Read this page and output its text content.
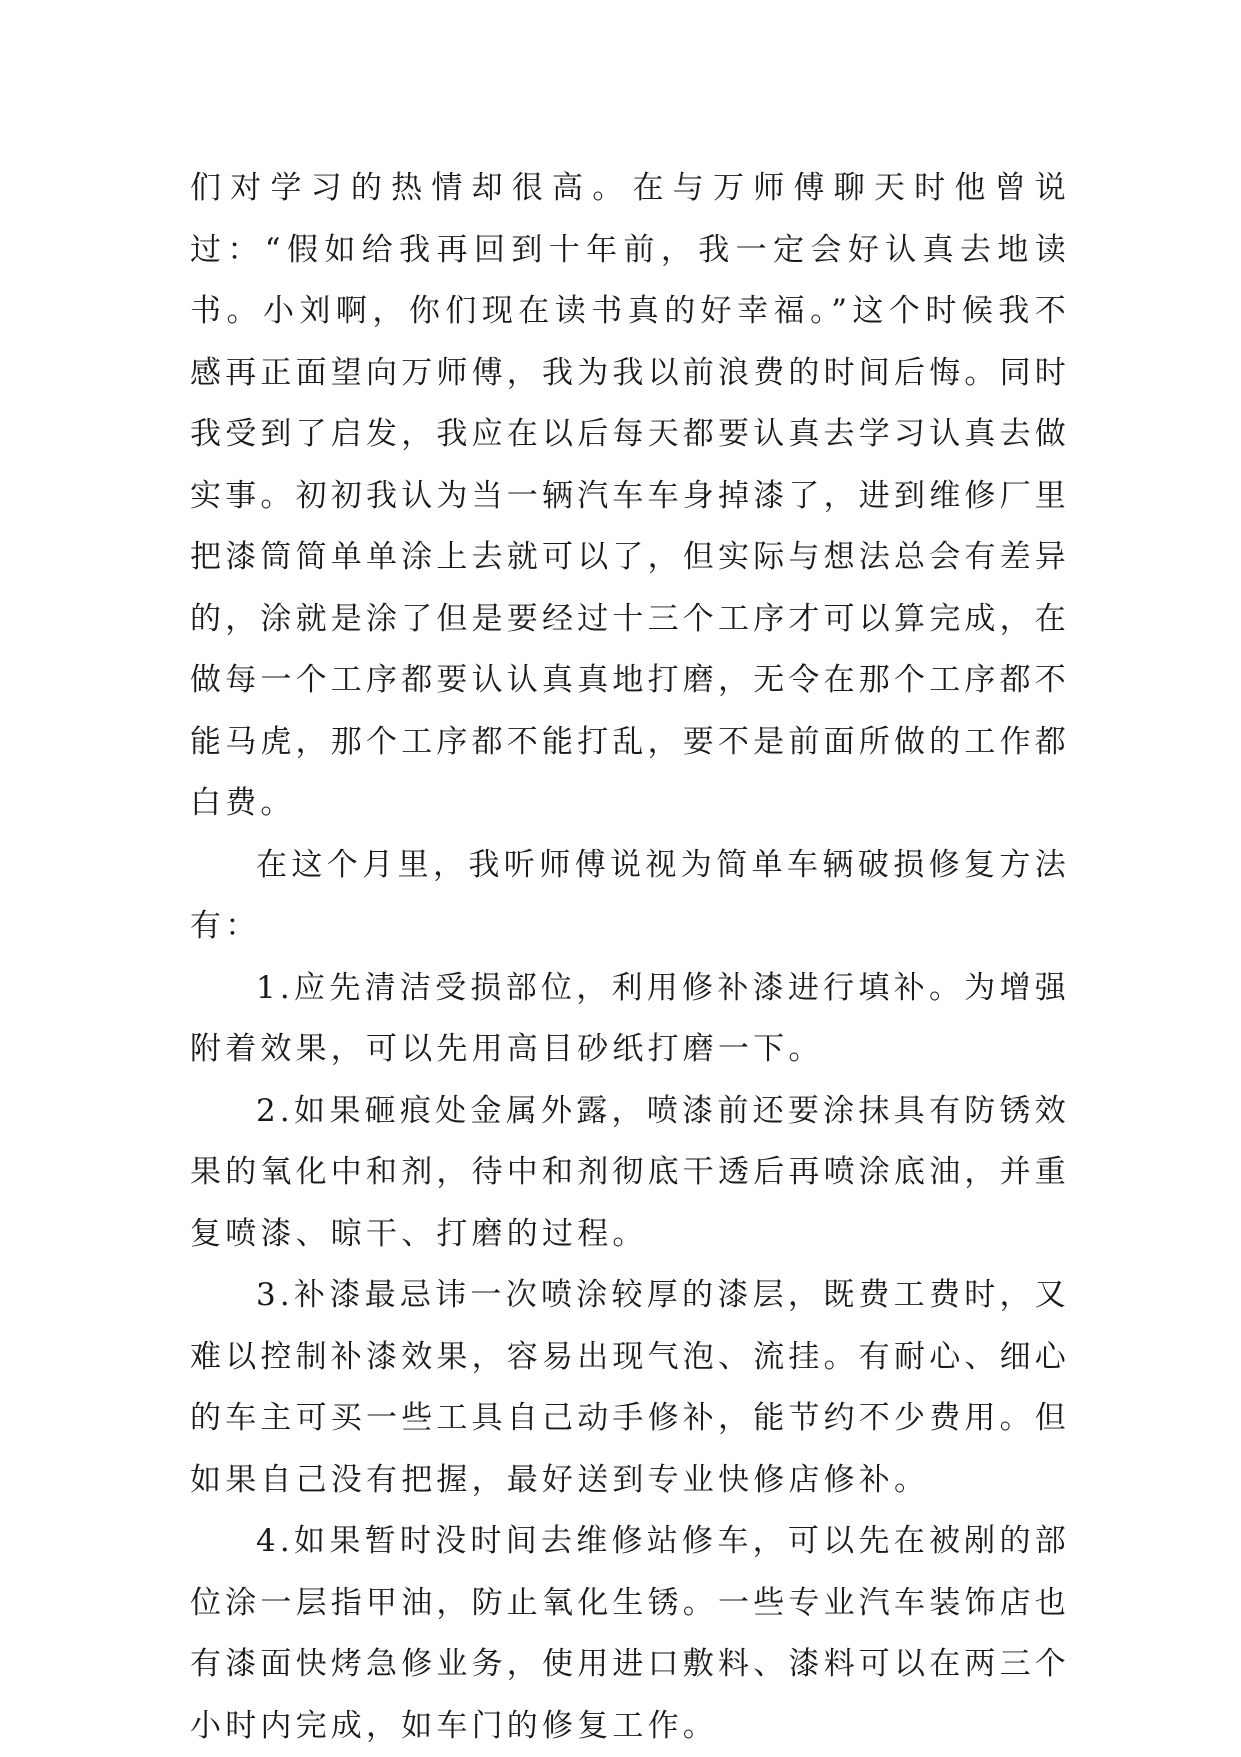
们对学习的热情却很高。在与万师傅聊天时他曾说过：“假如给我再回到十年前，我一定会好认真去地读书。小刘啊，你们现在读书真的好幸福。”这个时候我不感再正面望向万师傅，我为我以前浪费的时间后悔。同时我受到了启发，我应在以后每天都要认真去学习认真去做实事。初初我认为当一辆汽车车身掉漆了，进到维修厂里把漆筒简单单涂上去就可以了，但实际与想法总会有差异的，涂就是涂了但是要经过十三个工序才可以算完成，在做每一个工序都要认认真真地打磨，无令在那个工序都不能马虎，那个工序都不能打乱，要不是前面所做的工作都白费。

在这个月里，我听师傅说视为简单车辆破损修复方法有：

1.应先清洁受损部位，利用修补漆进行填补。为增强附着效果，可以先用高目砂纸打磨一下。

2.如果砸痕处金属外露，喷漆前还要涂抹具有防锈效果的氧化中和剂，待中和剂彻底干透后再喷涂底油，并重复喷漆、晾干、打磨的过程。

3.补漆最忌讳一次喷涂较厚的漆层，既费工费时，又难以控制补漆效果，容易出现气泡、流挂。有耐心、细心的车主可买一些工具自己动手修补，能节约不少费用。但如果自己没有把握，最好送到专业快修店修补。

4.如果暂时没时间去维修站修车，可以先在被剐的部位涂一层指甲油，防止氧化生锈。一些专业汽车装饰店也有漆面快烤急修业务，使用进口敷料、漆料可以在两三个小时内完成，如车门的修复工作。
